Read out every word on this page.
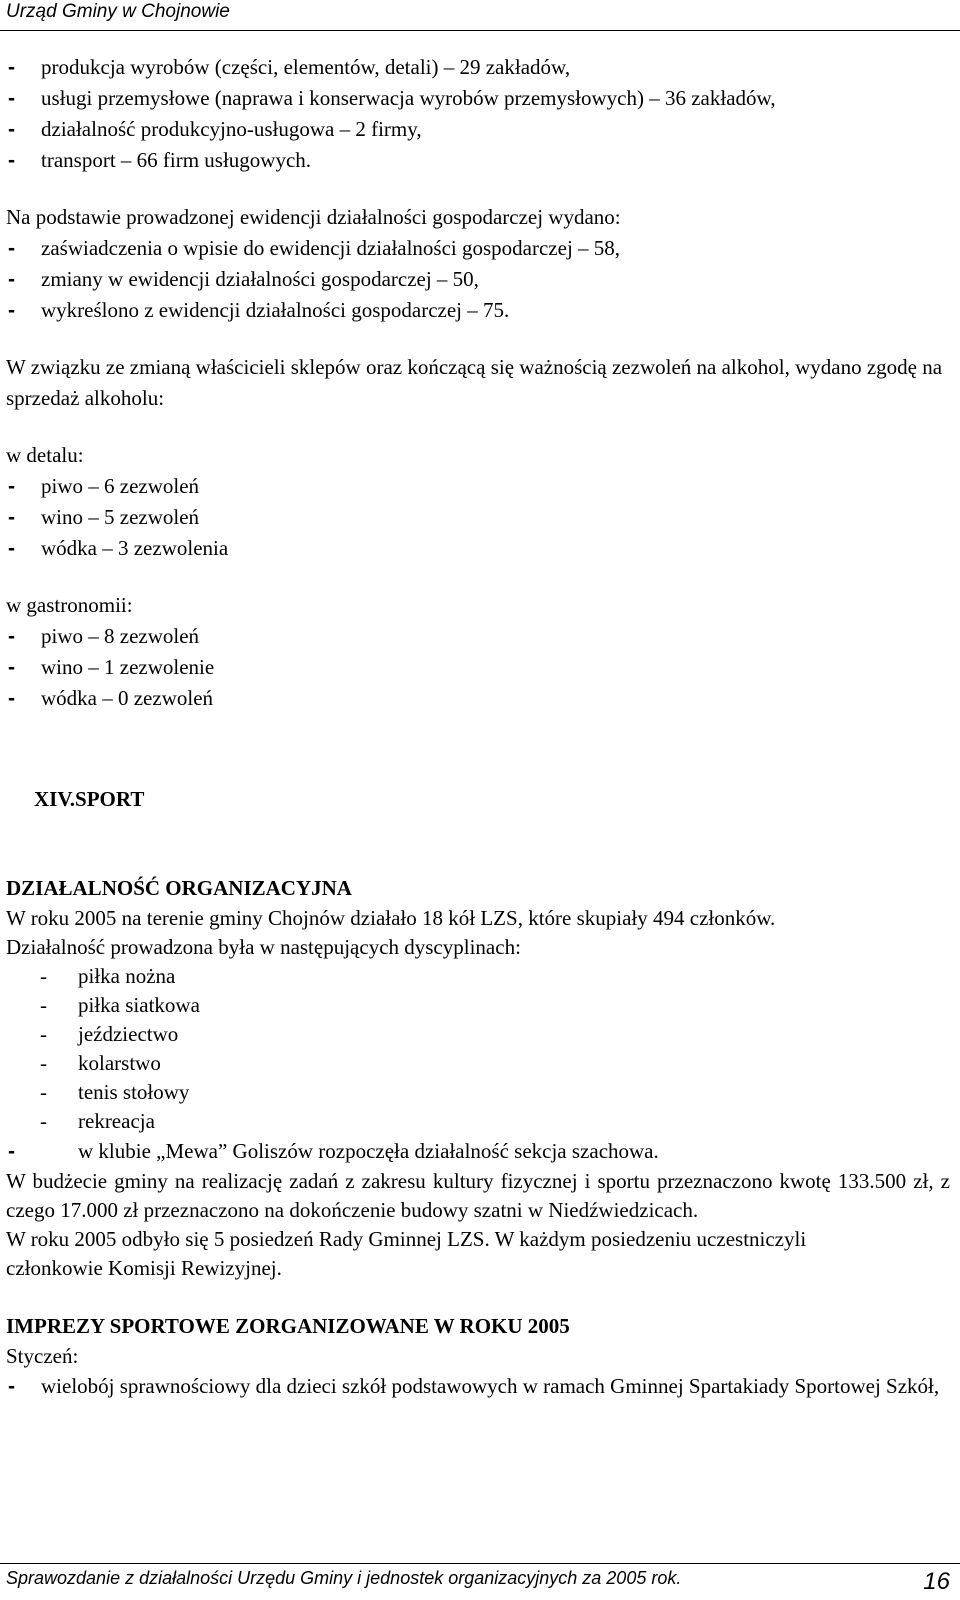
Urząd Gminy w Chojnowie
- produkcja wyrobów (części, elementów, detali) – 29 zakładów,
- usługi przemysłowe (naprawa i konserwacja wyrobów przemysłowych) – 36 zakładów,
- działalność produkcyjno-usługowa – 2 firmy,
- transport – 66 firm usługowych.

Na podstawie prowadzonej ewidencji działalności gospodarczej wydano:

- zaświadczenia o wpisie do ewidencji działalności gospodarczej – 58,
- zmiany w ewidencji działalności gospodarczej – 50,
- wykreślono z ewidencji działalności gospodarczej – 75.

W związku ze zmianą właścicieli sklepów oraz kończącą się ważnością zezwoleń na alkohol, wydano zgodę na sprzedaż alkoholu:

w detalu:

- piwo – 6 zezwoleń
- wino – 5 zezwoleń
- wódka – 3 zezwolenia

w gastronomii:

- piwo – 8 zezwoleń
- wino – 1 zezwolenie
- wódka – 0 zezwoleń

XIV.SPORT

DZIAŁALNOŚĆ ORGANIZACYJNA

W roku 2005 na terenie gminy Chojnów działało 18 kół LZS, które skupiały 494 członków.

Działalność prowadzona była w następujących dyscyplinach:

- piłka nożna
- piłka siatkowa
- jeździectwo
- kolarstwo
- tenis stołowy
- rekreacja
- w klubie „Mewa” Goliszów rozpoczęła działalność sekcja szachowa.

W budżecie gminy na realizację zadań z zakresu kultury fizycznej i sportu przeznaczono kwotę 133.500 zł, z czego 17.000 zł przeznaczono na dokończenie budowy szatni w Niedźwiedzicach.

W roku 2005 odbyło się 5 posiedzeń Rady Gminnej LZS. W każdym posiedzeniu uczestniczyli członkowie Komisji Rewizyjnej.

IMPREZY SPORTOWE ZORGANIZOWANE W ROKU 2005

Styczeń:

- wielobój sprawnościowy dla dzieci szkół podstawowych w ramach Gminnej Spartakiady Sportowej Szkół,
Sprawozdanie z działalności Urzędu Gminy i jednostek organizacyjnych za 2005 rok.	16
